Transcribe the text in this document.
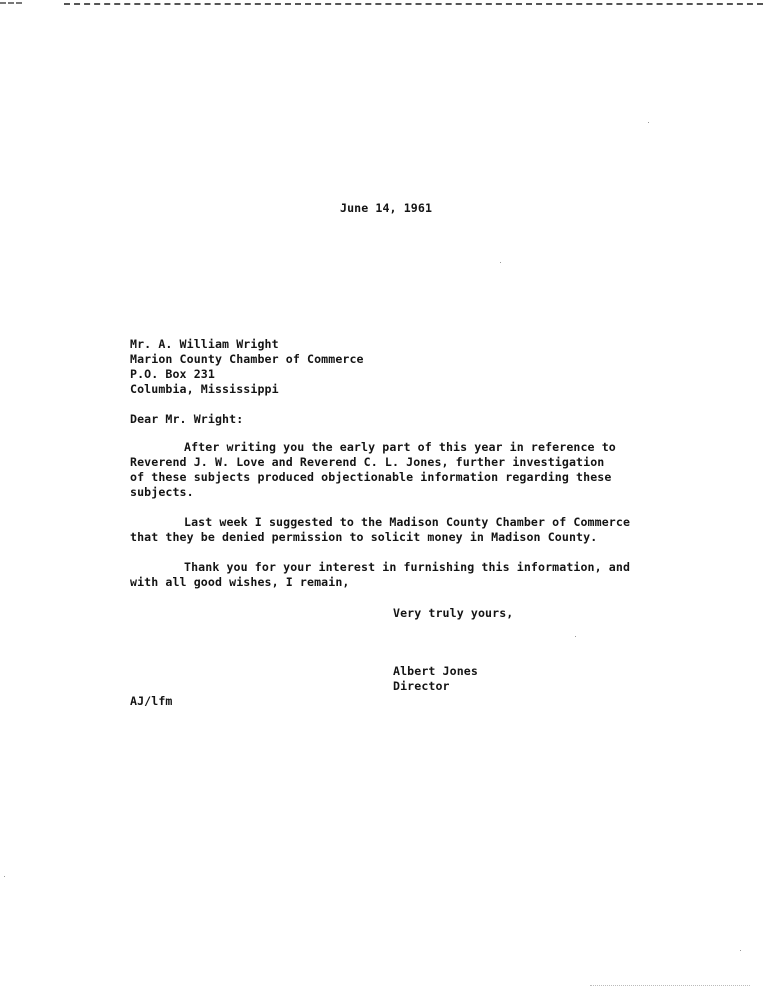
June 14, 1961

Mr. A. William Wright
Marion County Chamber of Commerce
P.O. Box 231
Columbia, Mississippi

Dear Mr. Wright:

After writing you the early part of this year in reference to
Reverend J. W. Love and Reverend C. L. Jones, further investigation
of these subjects produced objectionable information regarding these
subjects.
Last week I suggested to the Madison County Chamber of Commerce
that they be denied permission to solicit money in Madison County.
Thank you for your interest in furnishing this information, and
with all good wishes, I remain,

Very truly yours,

Albert Jones
Director

AJ/lfm
